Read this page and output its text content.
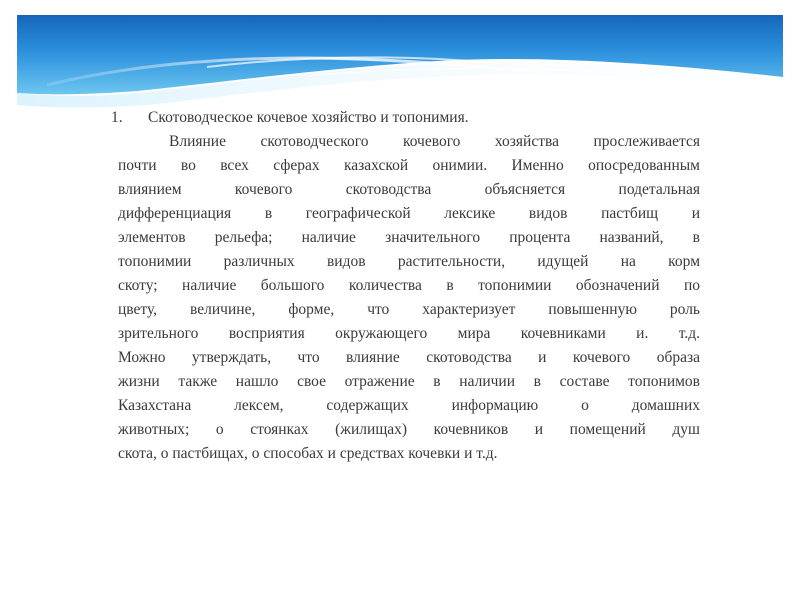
1.	Скотоводческое кочевое хозяйство и топонимия.
Влияние скотоводческого кочевого хозяйства прослеживается
почти во всех сферах казахской онимии. Именно опосредованным
влиянием кочевого скотоводства объясняется подетальная
дифференциация в географической лексике видов пастбищ и
элементов рельефа; наличие значительного процента названий, в
топонимии различных видов растительности, идущей на корм
скоту; наличие большого количества в топонимии обозначений по
цвету, величине, форме, что характеризует повышенную роль
зрительного восприятия окружающего мира кочевниками и. т.д.
Можно утверждать, что влияние скотоводства и кочевого образа
жизни также нашло свое отражение в наличии в составе топонимов
Казахстана лексем, содержащих информацию о домашних
животных; о стоянках (жилищах) кочевников и помещений душ
скота, о пастбищах, о способах и средствах кочевки и т.д.
